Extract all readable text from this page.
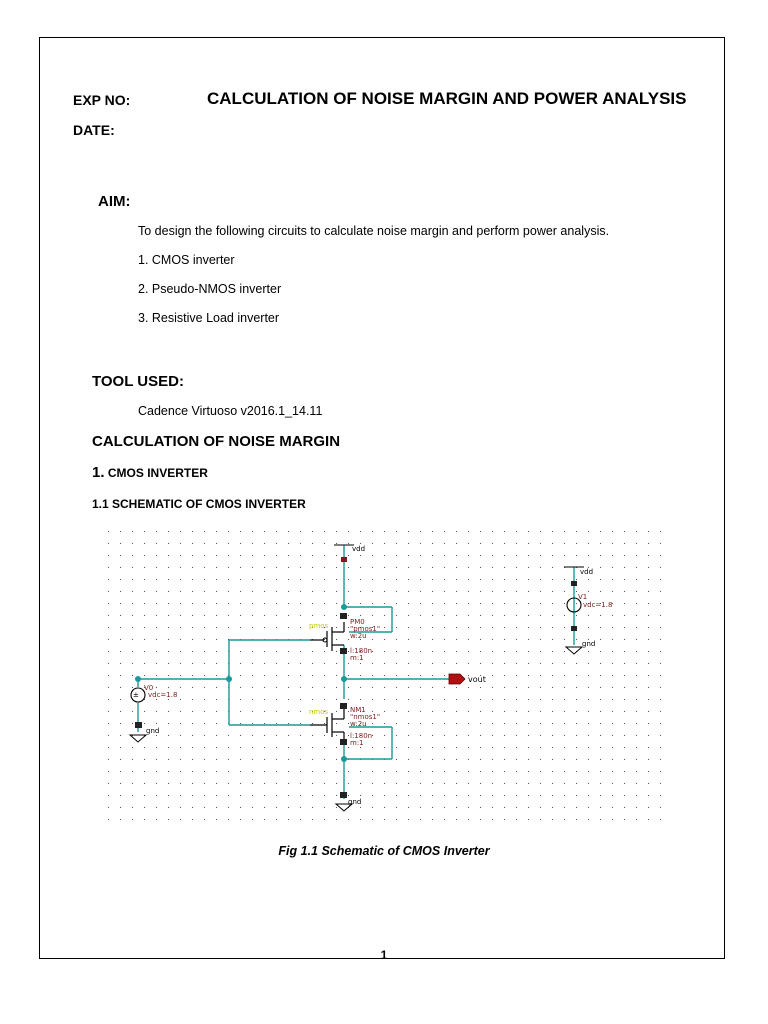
EXP NO:	CALCULATION OF NOISE MARGIN AND POWER ANALYSIS
DATE:
AIM:
To design the following circuits to calculate noise margin and perform power analysis.
1. CMOS inverter
2. Pseudo-NMOS inverter
3. Resistive Load inverter
TOOL USED:
Cadence Virtuoso v2016.1_14.11
CALCULATION OF NOISE MARGIN
1. CMOS INVERTER
1.1 SCHEMATIC OF CMOS INVERTER
±
vdd
pmos	PM0
"pmos1"
w:2u
l:180n
m:1
nmos	NM1
"nmos1"
w:2u
l:180n
m:1
vout
V0
vdc=1.8
gnd
gnd
vdd
V1
vdc=1.8
gnd
Fig 1.1 Schematic of CMOS Inverter
1
